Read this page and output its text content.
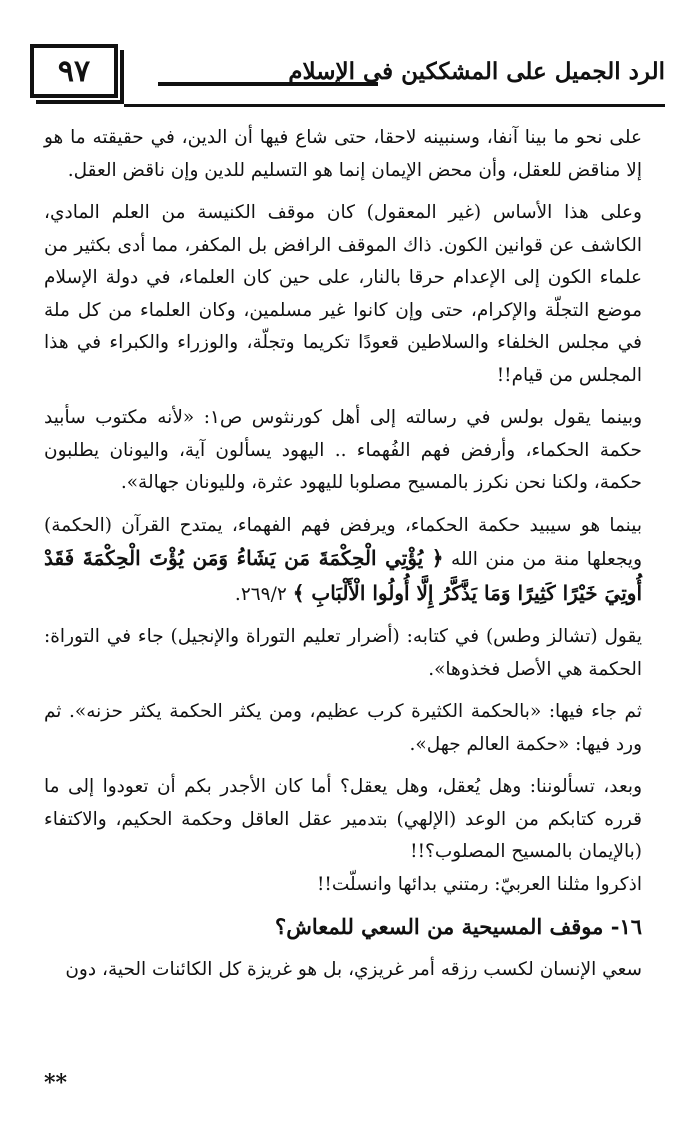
٩٧	الرد الجميل على المشككين في الإسلام

على نحو ما بينا آنفا، وسنبينه لاحقا، حتى شاع فيها أن الدين، في حقيقته ما هو إلا مناقض للعقل، وأن محض الإيمان إنما هو التسليم للدين وإن ناقض العقل.

وعلى هذا الأساس (غير المعقول) كان موقف الكنيسة من العلم المادي، الكاشف عن قوانين الكون. ذاك الموقف الرافض بل المكفر، مما أدى بكثير من علماء الكون إلى الإعدام حرقا بالنار، على حين كان العلماء، في دولة الإسلام موضع التجلّة والإكرام، حتى وإن كانوا غير مسلمين، وكان العلماء من كل ملة في مجلس الخلفاء والسلاطين قعودًا تكريما وتجلّة، والوزراء والكبراء في هذا المجلس من قيام!!

وبينما يقول بولس في رسالته إلى أهل كورنثوس ص١: «لأنه مكتوب سأبيد حكمة الحكماء، وأرفض فهم الفُهماء .. اليهود يسألون آية، واليونان يطلبون حكمة، ولكنا نحن نكرز بالمسيح مصلوبا لليهود عثرة، ولليونان جهالة».

بينما هو سيبيد حكمة الحكماء، ويرفض فهم الفهماء، يمتدح القرآن (الحكمة) ويجعلها منة من منن الله ﴿ يُؤْتِي الْحِكْمَةَ مَن يَشَاءُ وَمَن يُؤْتَ الْحِكْمَةَ فَقَدْ أُوتِيَ خَيْرًا كَثِيرًا وَمَا يَذَّكَّرُ إِلَّا أُولُوا الْأَلْبَابِ ﴾ ٢٦٩/٢.

يقول (تشالز وطس) في كتابه: (أضرار تعليم التوراة والإنجيل) جاء في التوراة: الحكمة هي الأصل فخذوها».

ثم جاء فيها: «بالحكمة الكثيرة كرب عظيم، ومن يكثر الحكمة يكثر حزنه». ثم ورد فيها: «حكمة العالم جهل».

وبعد، تسألوننا: وهل يُعقل، وهل يعقل؟ أما كان الأجدر بكم أن تعودوا إلى ما قرره كتابكم من الوعد (الإلهي) بتدمير عقل العاقل وحكمة الحكيم، والاكتفاء (بالإيمان بالمسيح المصلوب؟!!

اذكروا مثلنا العربيّ: رمتني بدائها وانسلّت!!

١٦- موقف المسيحية من السعي للمعاش؟

سعي الإنسان لكسب رزقه أمر غريزي، بل هو غريزة كل الكائنات الحية، دون

**
